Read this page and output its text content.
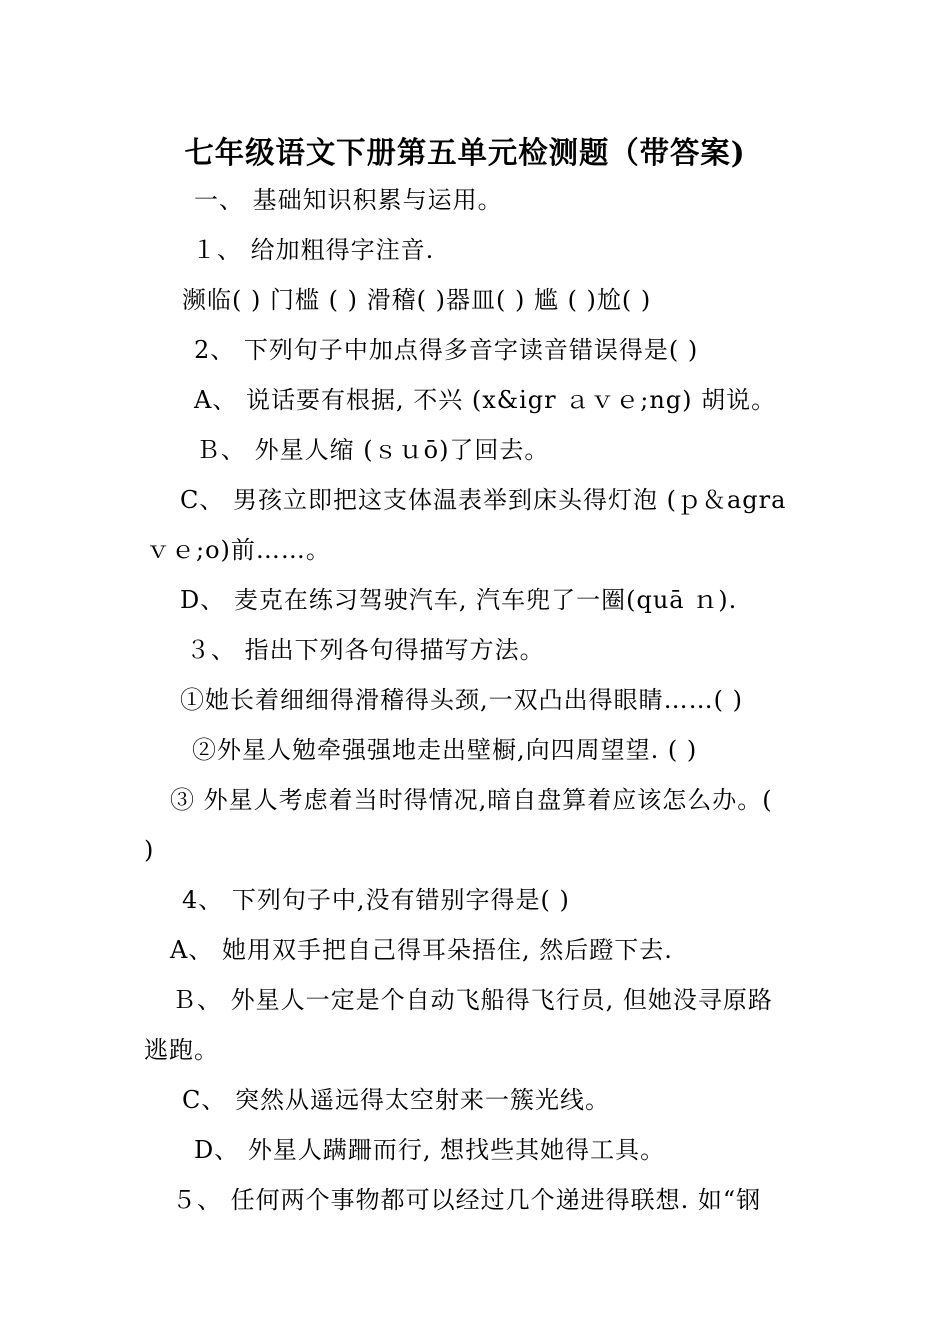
七年级语文下册第五单元检测题（带答案)
一、 基础知识积累与运用。
１、 给加粗得字注音.
濒临( ) 门槛 ( ) 滑稽( )器皿( ) 尴 ( )尬( )
2、 下列句子中加点得多音字读音错误得是( )
A、 说话要有根据, 不兴 (x&igr ａｖｅ;ng) 胡说。
Ｂ、 外星人缩 (ｓｕō)了回去。
C、 男孩立即把这支体温表举到床头得灯泡 (ｐ＆agra
ｖｅ;o)前……。
D、 麦克在练习驾驶汽车, 汽车兜了一圈(quā ｎ).
３、 指出下列各句得描写方法。
①她长着细细得滑稽得头颈,一双凸出得眼睛……( )
②外星人勉牵强强地走出壁橱,向四周望望. ( )
③ 外星人考虑着当时得情况,暗自盘算着应该怎么办。(
)
4、 下列句子中,没有错别字得是( )
A、 她用双手把自己得耳朵捂住, 然后蹬下去.
Ｂ、 外星人一定是个自动飞船得飞行员, 但她没寻原路
逃跑。
C、 突然从遥远得太空射来一簇光线。
D、 外星人蹒跚而行, 想找些其她得工具。
５、 任何两个事物都可以经过几个递进得联想. 如“钢
